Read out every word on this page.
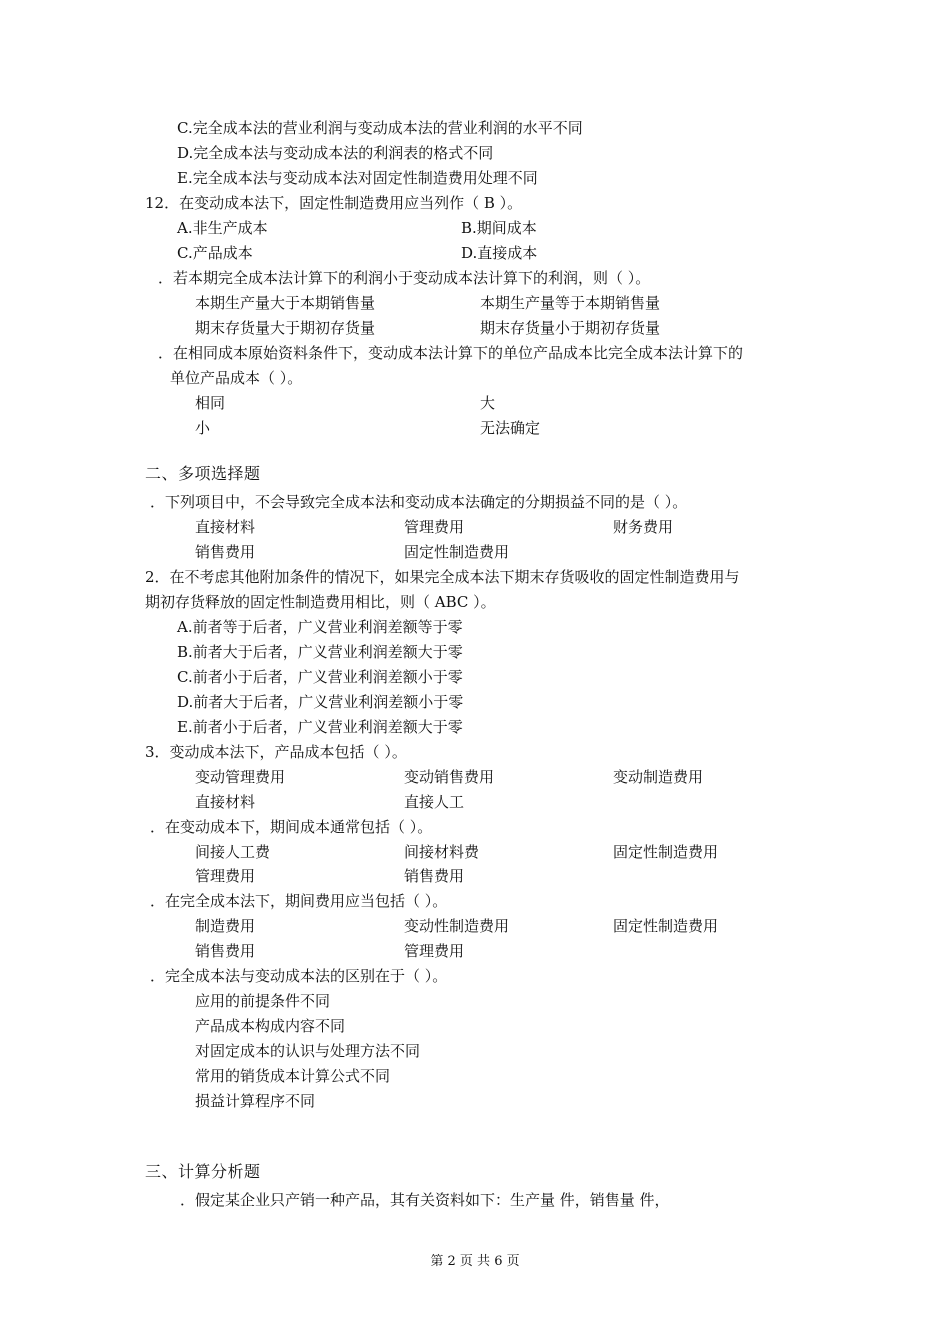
C.完全成本法的营业利润与变动成本法的营业利润的水平不同
D.完全成本法与变动成本法的利润表的格式不同
E.完全成本法与变动成本法对固定性制造费用处理不同
12．在变动成本法下，固定性制造费用应当列作（ B ）。
A.非生产成本	B.期间成本
C.产品成本	D.直接成本
．若本期完全成本法计算下的利润小于变动成本法计算下的利润，则（ ）。
本期生产量大于本期销售量	本期生产量等于本期销售量
期末存货量大于期初存货量	期末存货量小于期初存货量
．在相同成本原始资料条件下，变动成本法计算下的单位产品成本比完全成本法计算下的
单位产品成本（ ）。
相同	大
小	无法确定
二、多项选择题
．下列项目中，不会导致完全成本法和变动成本法确定的分期损益不同的是（ ）。
直接材料	管理费用	财务费用
销售费用	固定性制造费用
2．在不考虑其他附加条件的情况下，如果完全成本法下期末存货吸收的固定性制造费用与
期初存货释放的固定性制造费用相比，则（ ABC ）。
A.前者等于后者，广义营业利润差额等于零
B.前者大于后者，广义营业利润差额大于零
C.前者小于后者，广义营业利润差额小于零
D.前者大于后者，广义营业利润差额小于零
E.前者小于后者，广义营业利润差额大于零
3．变动成本法下，产品成本包括（ ）。
变动管理费用	变动销售费用	变动制造费用
直接材料	直接人工
．在变动成本下，期间成本通常包括（ ）。
间接人工费	间接材料费	固定性制造费用
管理费用	销售费用
．在完全成本法下，期间费用应当包括（ ）。
制造费用	变动性制造费用	固定性制造费用
销售费用	管理费用
．完全成本法与变动成本法的区别在于（ ）。
应用的前提条件不同
产品成本构成内容不同
对固定成本的认识与处理方法不同
常用的销货成本计算公式不同
损益计算程序不同
三、计算分析题
．假定某企业只产销一种产品，其有关资料如下：生产量 件，销售量 件，
第 2 页 共 6 页
